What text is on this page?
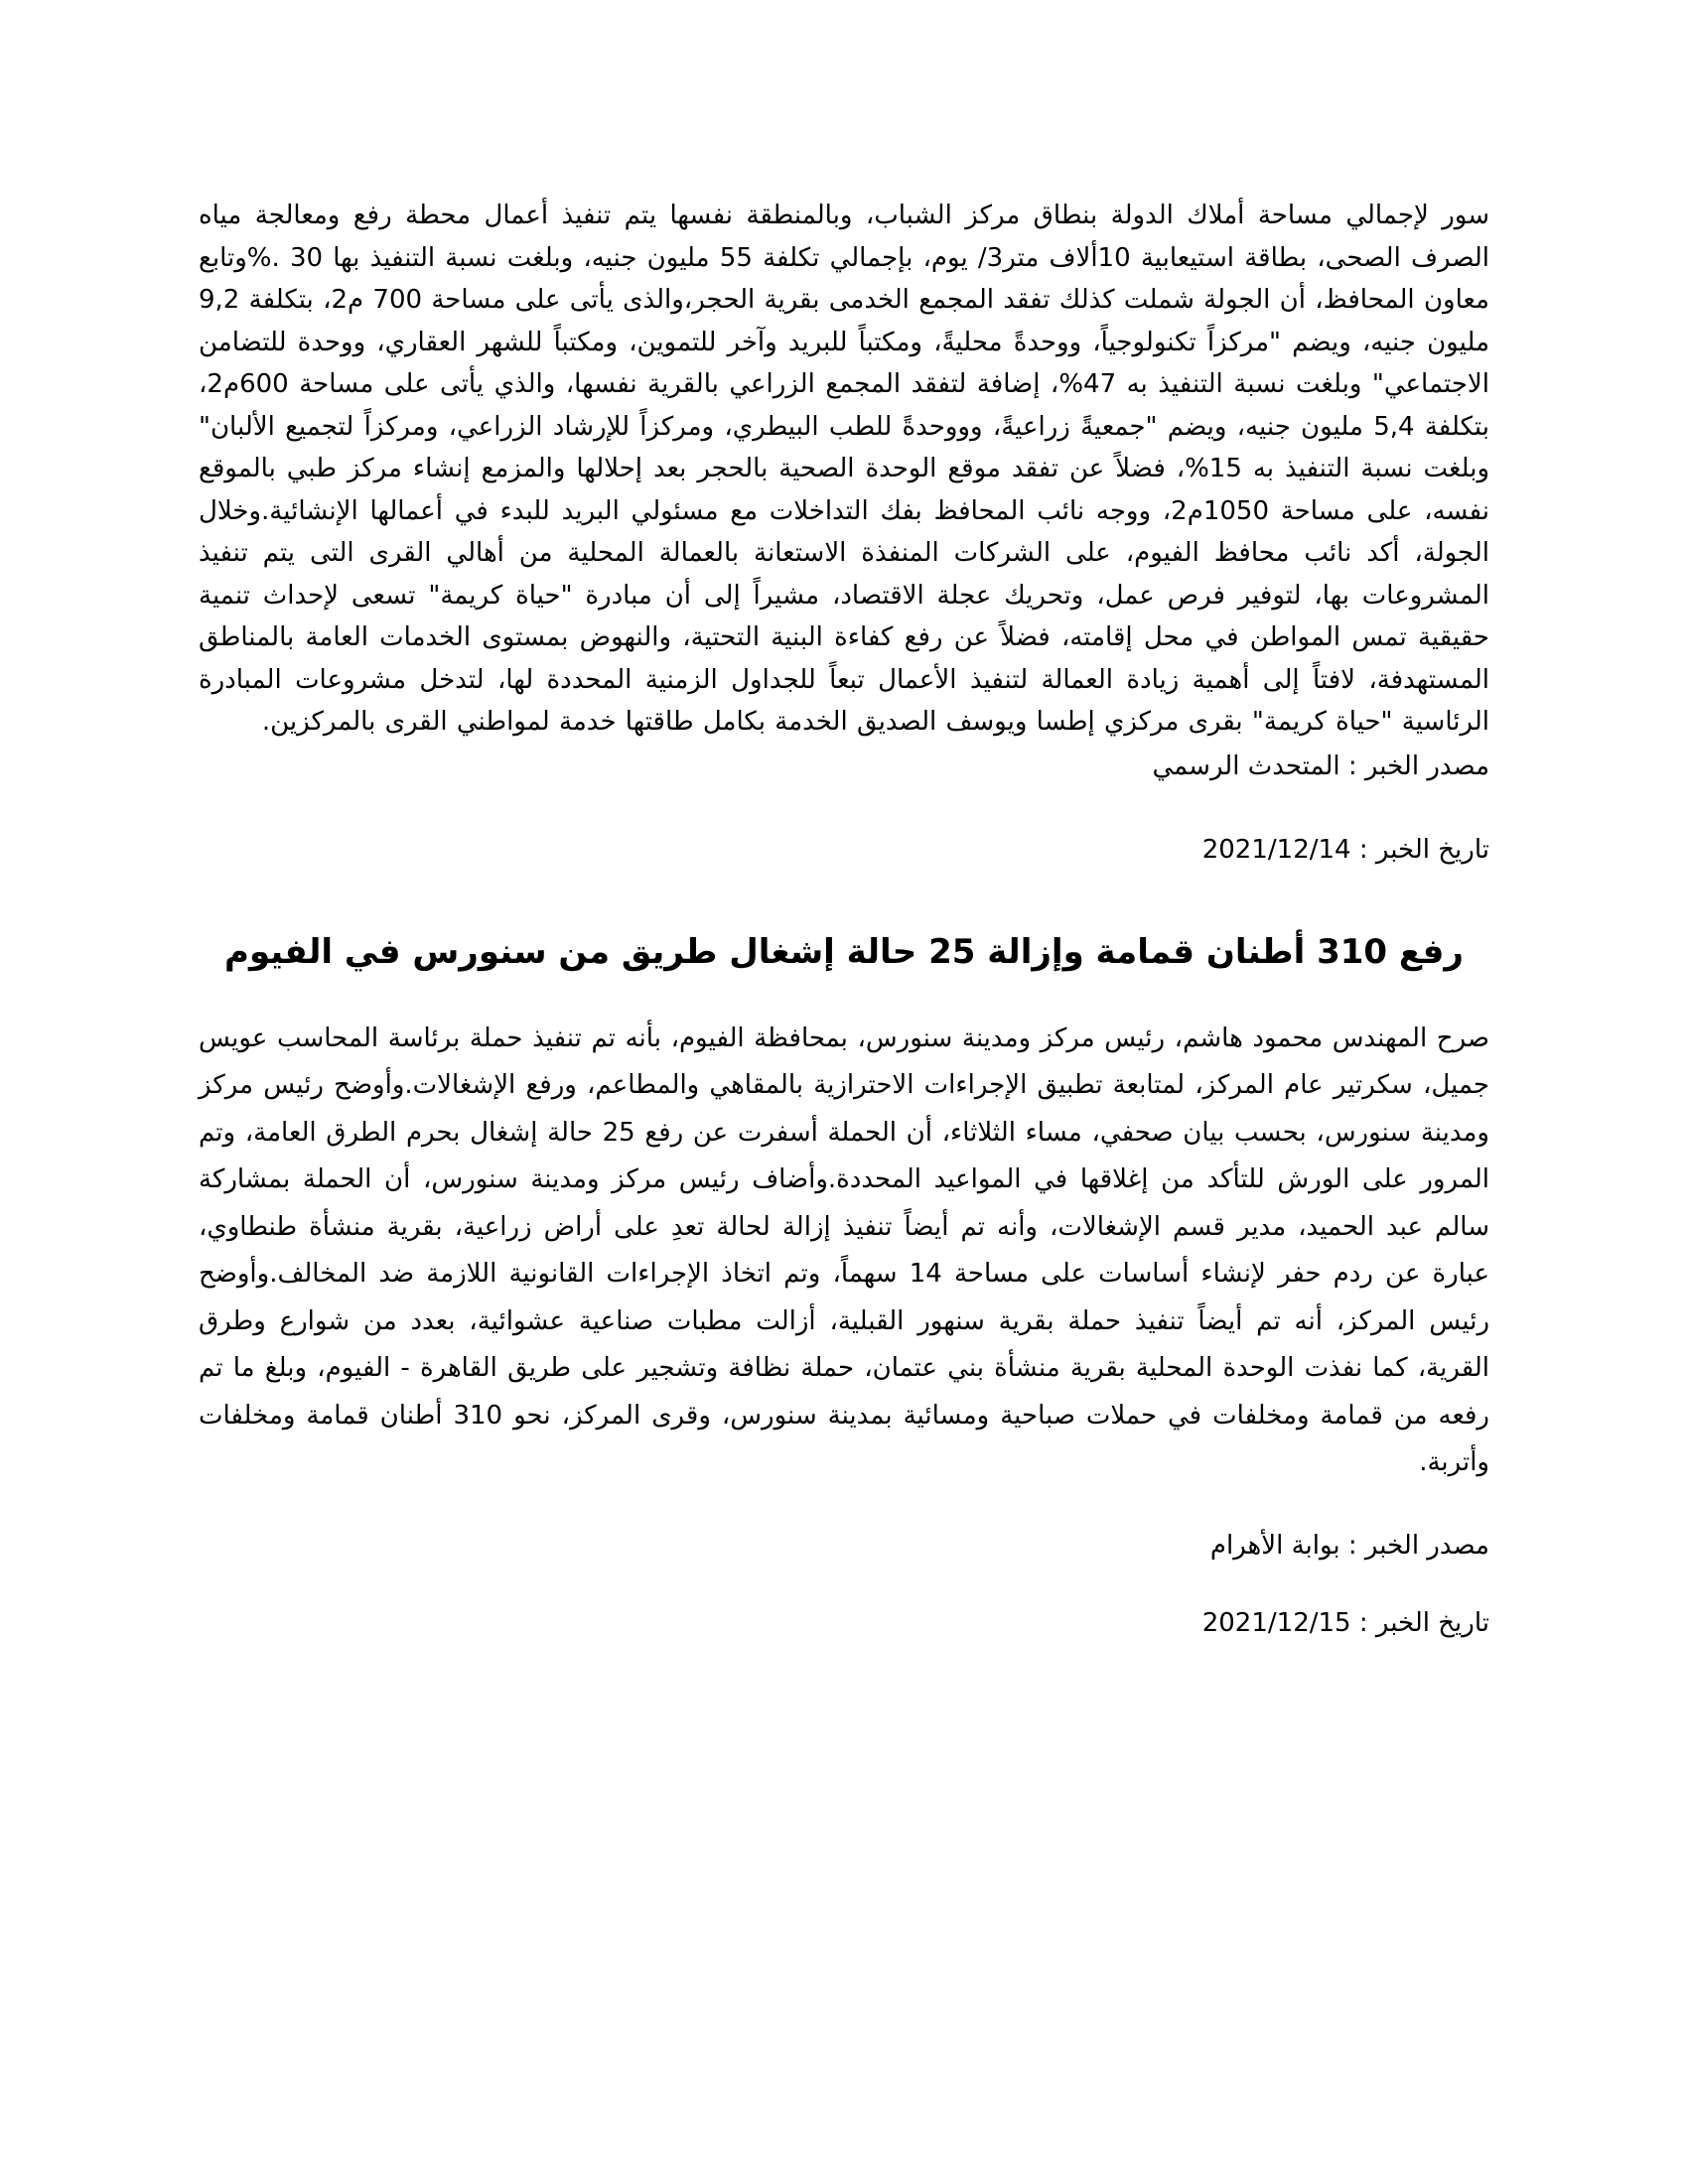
سور لإجمالي مساحة أملاك الدولة بنطاق مركز الشباب، وبالمنطقة نفسها يتم تنفيذ أعمال محطة رفع ومعالجة مياه الصرف الصحى، بطاقة استيعابية 10ألاف متر3/ يوم، بإجمالي تكلفة 55 مليون جنيه، وبلغت نسبة التنفيذ بها 30 .%وتابع معاون المحافظ، أن الجولة شملت كذلك تفقد المجمع الخدمى بقرية الحجر،والذى يأتى على مساحة 700 م2، بتكلفة 9,2 مليون جنيه، ويضم "مركزاً تكنولوجياً، ووحدةً محليةً، ومكتباً للبريد وآخر للتموين، ومكتباً للشهر العقاري، ووحدة للتضامن الاجتماعي" وبلغت نسبة التنفيذ به 47%، إضافة لتفقد المجمع الزراعي بالقرية نفسها، والذي يأتى على مساحة 600م2، بتكلفة 5,4 مليون جنيه، ويضم "جمعيةً زراعيةً، وووحدةً للطب البيطري، ومركزاً للإرشاد الزراعي، ومركزاً لتجميع الألبان" وبلغت نسبة التنفيذ به 15%، فضلاً عن تفقد موقع الوحدة الصحية بالحجر بعد إحلالها والمزمع إنشاء مركز طبي بالموقع نفسه، على مساحة 1050م2، ووجه نائب المحافظ بفك التداخلات مع مسئولي البريد للبدء في أعمالها الإنشائية.وخلال الجولة، أكد نائب محافظ الفيوم، على الشركات المنفذة الاستعانة بالعمالة المحلية من أهالي القرى التى يتم تنفيذ المشروعات بها، لتوفير فرص عمل، وتحريك عجلة الاقتصاد، مشيراً إلى أن مبادرة "حياة كريمة" تسعى لإحداث تنمية حقيقية تمس المواطن في محل إقامته، فضلاً عن رفع كفاءة البنية التحتية، والنهوض بمستوى الخدمات العامة بالمناطق المستهدفة، لافتاً إلى أهمية زيادة العمالة لتنفيذ الأعمال تبعاً للجداول الزمنية المحددة لها، لتدخل مشروعات المبادرة الرئاسية "حياة كريمة" بقرى مركزي إطسا ويوسف الصديق الخدمة بكامل طاقتها خدمة لمواطني القرى بالمركزين.

مصدر الخبر : المتحدث الرسمي

تاريخ الخبر : 2021/12/14

رفع 310 أطنان قمامة وإزالة 25 حالة إشغال طريق من سنورس في الفيوم

صرح المهندس محمود هاشم، رئيس مركز ومدينة سنورس، بمحافظة الفيوم، بأنه تم تنفيذ حملة برئاسة المحاسب عويس جميل، سكرتير عام المركز، لمتابعة تطبيق الإجراءات الاحترازية بالمقاهي والمطاعم، ورفع الإشغالات.وأوضح رئيس مركز ومدينة سنورس، بحسب بيان صحفي، مساء الثلاثاء، أن الحملة أسفرت عن رفع 25 حالة إشغال بحرم الطرق العامة، وتم المرور على الورش للتأكد من إغلاقها في المواعيد المحددة.وأضاف رئيس مركز ومدينة سنورس، أن الحملة بمشاركة سالم عبد الحميد، مدير قسم الإشغالات، وأنه تم أيضاً تنفيذ إزالة لحالة تعدِ على أراض زراعية، بقرية منشأة طنطاوي، عبارة عن ردم حفر لإنشاء أساسات على مساحة 14 سهماً، وتم اتخاذ الإجراءات القانونية اللازمة ضد المخالف.وأوضح رئيس المركز، أنه تم أيضاً تنفيذ حملة بقرية سنهور القبلية، أزالت مطبات صناعية عشوائية، بعدد من شوارع وطرق القرية، كما نفذت الوحدة المحلية بقرية منشأة بني عتمان، حملة نظافة وتشجير على طريق القاهرة - الفيوم، وبلغ ما تم رفعه من قمامة ومخلفات في حملات صباحية ومسائية بمدينة سنورس، وقرى المركز، نحو 310 أطنان قمامة ومخلفات وأتربة.

مصدر الخبر : بوابة الأهرام

تاريخ الخبر : 2021/12/15
